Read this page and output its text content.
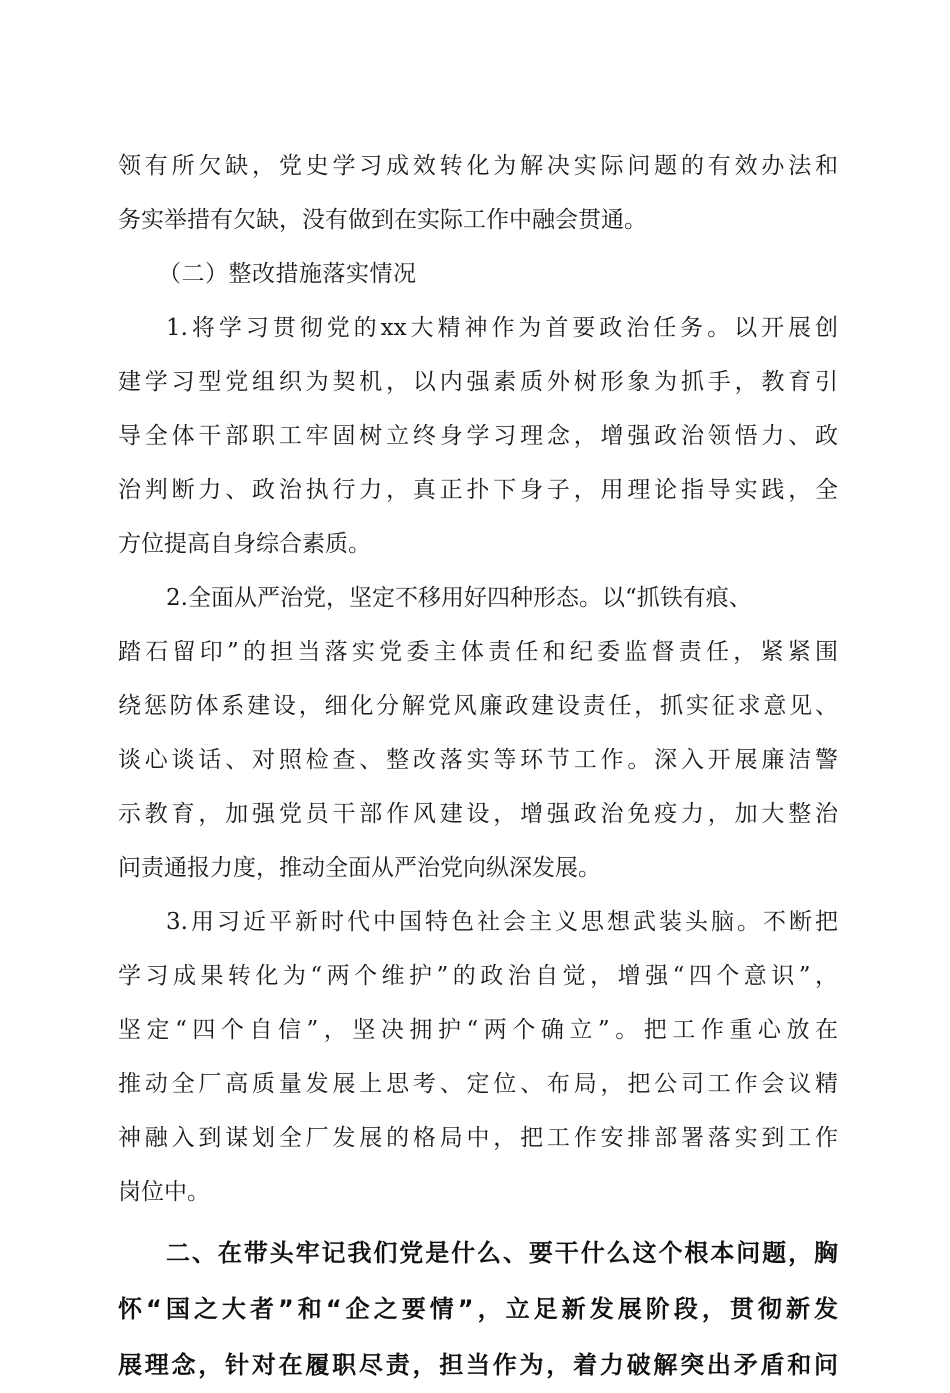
领有所欠缺，党史学习成效转化为解决实际问题的有效办法和
务实举措有欠缺，没有做到在实际工作中融会贯通。
（二）整改措施落实情况
1.将学习贯彻党的xx大精神作为首要政治任务。以开展创
建学习型党组织为契机，以内强素质外树形象为抓手，教育引
导全体干部职工牢固树立终身学习理念，增强政治领悟力、政
治判断力、政治执行力，真正扑下身子，用理论指导实践，全
方位提高自身综合素质。
2.全面从严治党，坚定不移用好四种形态。以“抓铁有痕、
踏石留印”的担当落实党委主体责任和纪委监督责任，紧紧围
绕惩防体系建设，细化分解党风廉政建设责任，抓实征求意见、
谈心谈话、对照检查、整改落实等环节工作。深入开展廉洁警
示教育，加强党员干部作风建设，增强政治免疫力，加大整治
问责通报力度，推动全面从严治党向纵深发展。
3.用习近平新时代中国特色社会主义思想武装头脑。不断把
学习成果转化为“两个维护”的政治自觉，增强“四个意识”，
坚定“四个自信”，坚决拥护“两个确立”。把工作重心放在
推动全厂高质量发展上思考、定位、布局，把公司工作会议精
神融入到谋划全厂发展的格局中，把工作安排部署落实到工作
岗位中。
二、在带头牢记我们党是什么、要干什么这个根本问题，胸
怀“国之大者”和“企之要情”，立足新发展阶段，贯彻新发
展理念，针对在履职尽责，担当作为，着力破解突出矛盾和问
